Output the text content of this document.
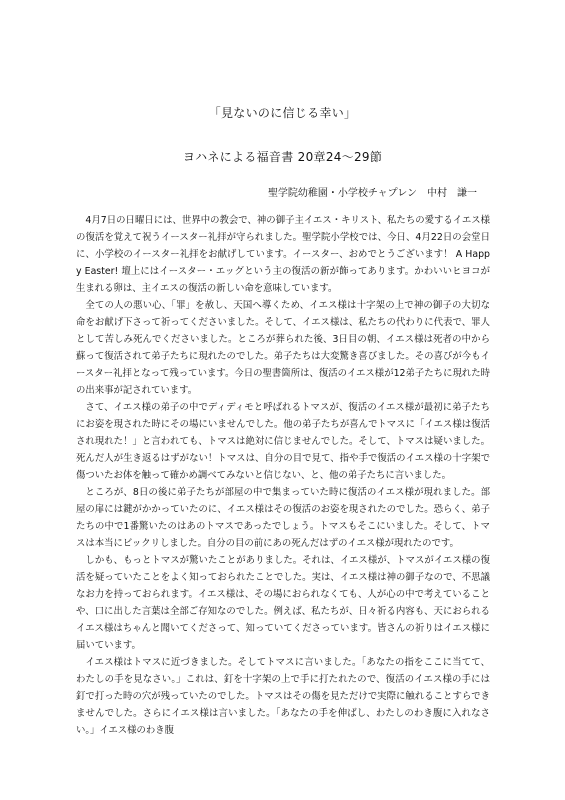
「見ないのに信じる幸い」
ヨハネによる福音書 20章24～29節
聖学院幼稚園・小学校チャプレン 中村　謙一

4月7日の日曜日には、世界中の教会で、神の御子主イエス・キリスト、私たちの愛するイエス様の復活を覚えて祝うイースター礼拝が守られました。聖学院小学校では、今日、4月22日の会堂日に、小学校のイースター礼拝をお献げしています。イースター、おめでとうございます！ A Happy Easter! 壇上にはイースター・エッグという主の復活の新が飾ってあります。かわいいヒヨコが生まれる卵は、主イエスの復活の新しい命を意味しています。

全ての人の悪い心、「罪」を赦し、天国へ導くため、イエス様は十字架の上で神の御子の大切な命をお献げ下さって祈ってくださいました。そして、イエス様は、私たちの代わりに代表で、罪人として苦しみ死んでくださいました。ところが葬られた後、3日目の朝、イエス様は死者の中から蘇って復活されて弟子たちに現れたのでした。弟子たちは大変驚き喜びました。その喜びが今もイースター礼拝となって残っています。今日の聖書箇所は、復活のイエス様が12弟子たちに現れた時の出来事が記されています。

さて、イエス様の弟子の中でディディモと呼ばれるトマスが、復活のイエス様が最初に弟子たちにお姿を現された時にその場にいませんでした。他の弟子たちが喜んでトマスに「イエス様は復活され現れた！」と言われても、トマスは絶対に信じませんでした。そして、トマスは疑いました。死んだ人が生き返るはずがない！トマスは、自分の目で見て、指や手で復活のイエス様の十字架で傷ついたお体を触って確かめ調べてみないと信じない、と、他の弟子たちに言いました。

ところが、8日の後に弟子たちが部屋の中で集まっていた時に復活のイエス様が現れました。部屋の扉には鍵がかかっていたのに、イエス様はその復活のお姿を現されたのでした。恐らく、弟子たちの中で1番驚いたのはあのトマスであったでしょう。トマスもそこにいました。そして、トマスは本当にビックリしました。自分の目の前にあの死んだはずのイエス様が現れたのです。

しかも、もっとトマスが驚いたことがありました。それは、イエス様が、トマスがイエス様の復活を疑っていたことをよく知っておられたことでした。実は、イエス様は神の御子なので、不思議なお力を持っておられます。イエス様は、その場におられなくても、人が心の中で考えていることや、口に出した言葉は全部ご存知なのでした。例えば、私たちが、日々祈る内容も、天におられるイエス様はちゃんと聞いてくださって、知っていてくださっています。皆さんの祈りはイエス様に届いています。

イエス様はトマスに近づきました。そしてトマスに言いました。「あなたの指をここに当てて、わたしの手を見なさい。」これは、釘を十字架の上で手に打たれたので、復活のイエス様の手には釘で打った時の穴が残っていたのでした。トマスはその傷を見ただけで実際に触れることすらできませんでした。さらにイエス様は言いました。「あなたの手を伸ばし、わたしのわき腹に入れなさい。」イエス様のわき腹
